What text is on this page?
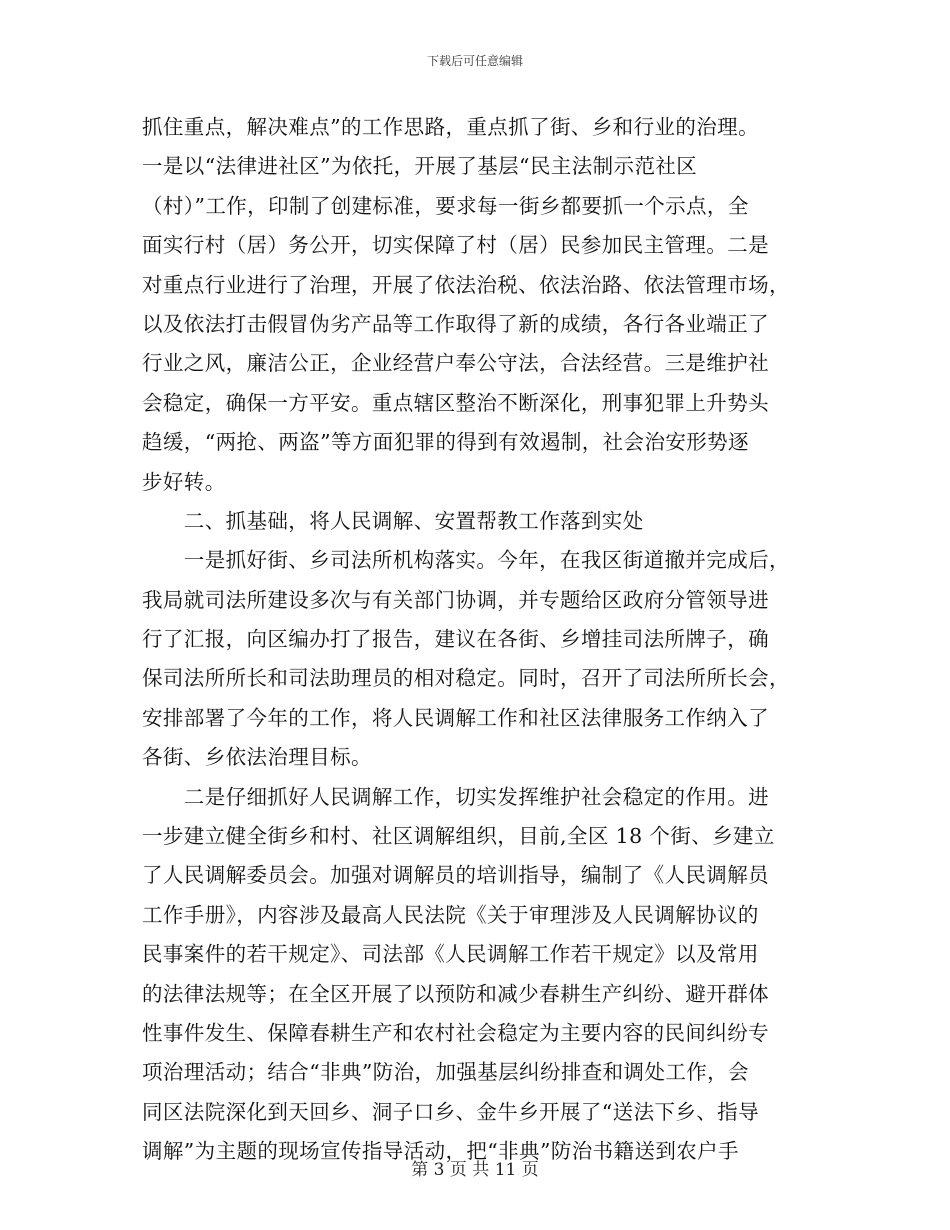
下载后可任意编辑
抓住重点，解决难点”的工作思路，重点抓了街、乡和行业的治理。
一是以“法律进社区”为依托，开展了基层“民主法制示范社区
（村）”工作，印制了创建标准，要求每一街乡都要抓一个示点，全
面实行村（居）务公开，切实保障了村（居）民参加民主管理。二是
对重点行业进行了治理，开展了依法治税、依法治路、依法管理市场，
以及依法打击假冒伪劣产品等工作取得了新的成绩，各行各业端正了
行业之风，廉洁公正，企业经营户奉公守法，合法经营。三是维护社
会稳定，确保一方平安。重点辖区整治不断深化，刑事犯罪上升势头
趋缓，“两抢、两盗”等方面犯罪的得到有效遏制，社会治安形势逐
步好转。
　　二、抓基础，将人民调解、安置帮教工作落到实处
　　一是抓好街、乡司法所机构落实。今年，在我区街道撤并完成后，
我局就司法所建设多次与有关部门协调，并专题给区政府分管领导进
行了汇报，向区编办打了报告，建议在各街、乡增挂司法所牌子，确
保司法所所长和司法助理员的相对稳定。同时，召开了司法所所长会，
安排部署了今年的工作，将人民调解工作和社区法律服务工作纳入了
各街、乡依法治理目标。
　　二是仔细抓好人民调解工作，切实发挥维护社会稳定的作用。进
一步建立健全街乡和村、社区调解组织，目前,全区 18 个街、乡建立
了人民调解委员会。加强对调解员的培训指导，编制了《人民调解员
工作手册》，内容涉及最高人民法院《关于审理涉及人民调解协议的
民事案件的若干规定》、司法部《人民调解工作若干规定》以及常用
的法律法规等；在全区开展了以预防和减少春耕生产纠纷、避开群体
性事件发生、保障春耕生产和农村社会稳定为主要内容的民间纠纷专
项治理活动；结合“非典”防治，加强基层纠纷排查和调处工作，会
同区法院深化到天回乡、洞子口乡、金牛乡开展了“送法下乡、指导
调解”为主题的现场宣传指导活动，把“非典”防治书籍送到农户手
第 3 页 共 11 页
